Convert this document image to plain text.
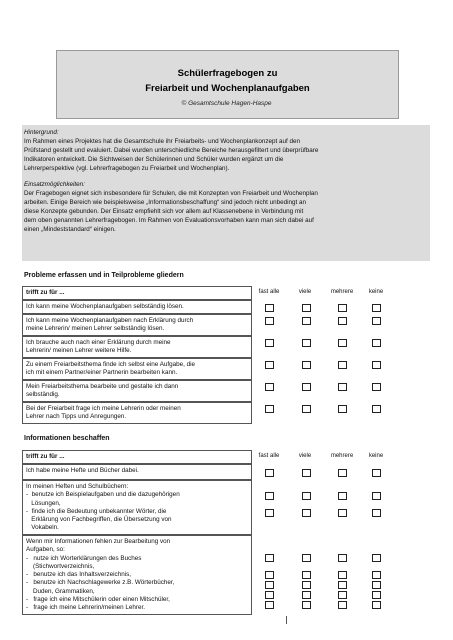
Schülerfragebogen zu
Freiarbeit und Wochenplanaufgaben
© Gesamtschule Hagen-Haspe
Hintergrund:
Im Rahmen eines Projektes hat die Gesamtschule ihr Freiarbeits- und Wochenplankonzept auf den
Prüfstand gestellt und evaluiert. Dabei wurden unterschiedliche Bereiche herausgefiltert und überprüfbare
Indikatoren entwickelt. Die Sichtweisen der Schülerinnen und Schüler wurden ergänzt um die
Lehrerperspektive (vgl. Lehrerfragebogen zu Freiarbeit und Wochenplan).
Einsatzmöglichkeiten:
Der Fragebogen eignet sich insbesondere für Schulen, die mit Konzepten von Freiarbeit und Wochenplan
arbeiten. Einige Bereich wie beispielsweise „Informationsbeschaffung“ sind jedoch nicht unbedingt an
diese Konzepte gebunden. Der Einsatz empfiehlt sich vor allem auf Klassenebene in Verbindung mit
dem oben genannten Lehrerfragebogen. Im Rahmen von Evaluationsvorhaben kann man sich dabei auf
einen „Mindeststandard“ einigen.
Probleme erfassen und in Teilprobleme gliedern
trifft zu für ...	fast alle	viele	mehrere	keine
Ich kann meine Wochenplanaufgaben selbständig lösen.
Ich kann meine Wochenplanaufgaben nach Erklärung durch
meine Lehrerin/ meinen Lehrer selbständig lösen.
Ich brauche auch nach einer Erklärung durch meine
Lehrerin/ meinen Lehrer weitere Hilfe.
Zu einem Freiarbeitsthema finde ich selbst eine Aufgabe, die
ich mit einem Partner/einer Partnerin bearbeiten kann.
Mein Freiarbeitsthema bearbeite und gestalte ich dann
selbständig.
Bei der Freiarbeit frage ich meine Lehrerin oder meinen
Lehrer nach Tipps und Anregungen.
Informationen beschaffen
trifft zu für ...	fast alle	viele	mehrere	keine
Ich habe meine Hefte und Bücher dabei.
In meinen Heften und Schulbüchern:
-  benutze ich Beispielaufgaben und die dazugehörigen
Lösungen,
-  finde ich die Bedeutung unbekannter Wörter, die
Erklärung von Fachbegriffen, die Übersetzung von
Vokabeln.
Wenn mir Informationen fehlen zur Bearbeitung von
Aufgaben, so:
-   nutze ich Worterklärungen des Buches
(Stichwortverzeichnis,
-   benutze ich das Inhaltsverzeichnis,
-   benutze ich Nachschlagewerke z.B. Wörterbücher,
Duden, Grammatiken,
-   frage ich eine Mitschülerin oder einen Mitschüler,
-   frage ich meine Lehrerin/meinen Lehrer.
